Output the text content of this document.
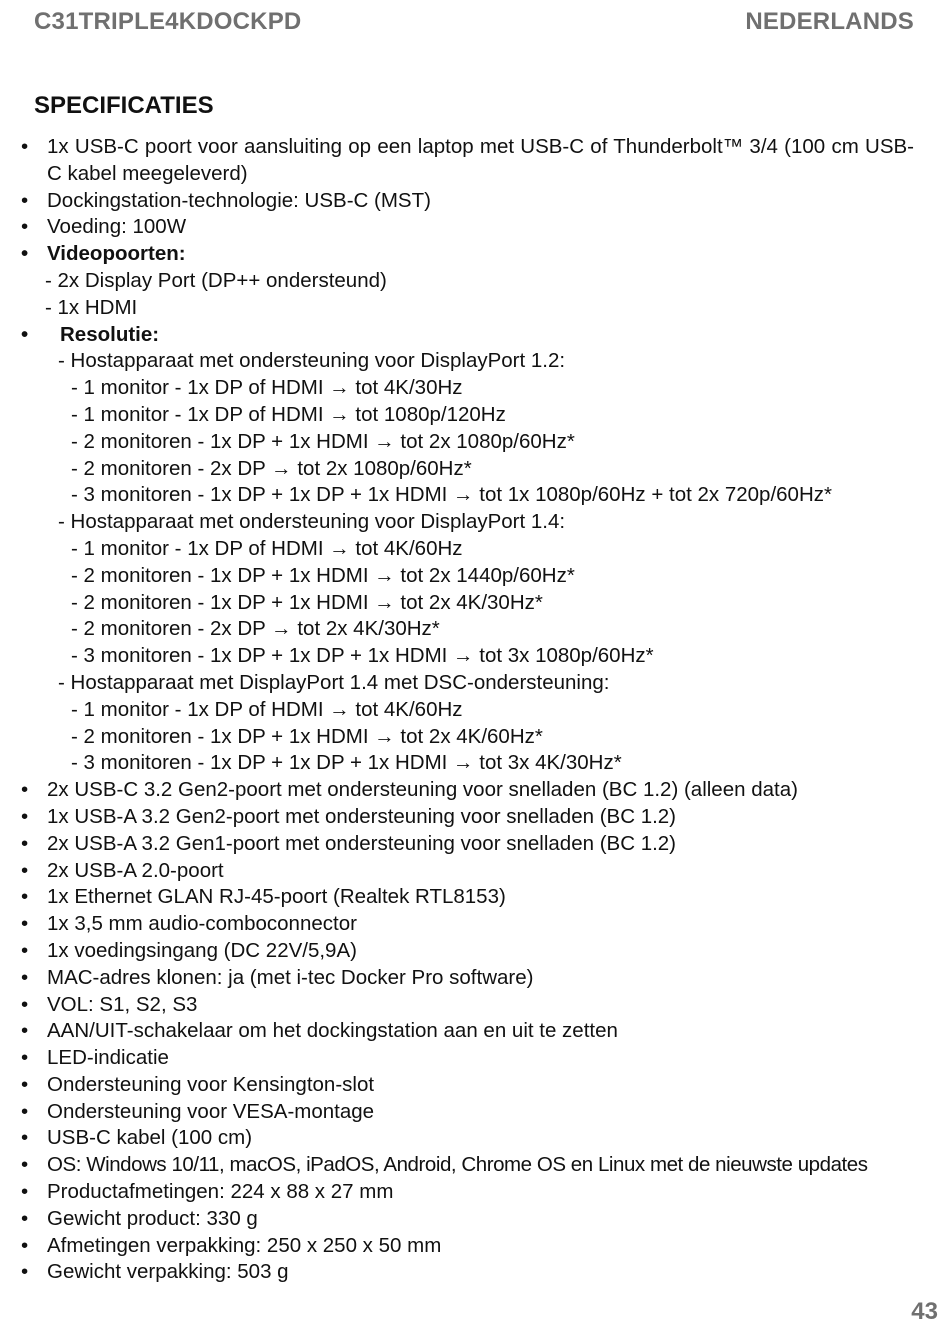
C31TRIPLE4KDOCKPD	NEDERLANDS
SPECIFICATIES
• 1x USB-C poort voor aansluiting op een laptop met USB-C of Thunderbolt™ 3/4 (100 cm USB-C kabel meegeleverd)
• Dockingstation-technologie: USB-C (MST)
• Voeding: 100W
• Videopoorten:
- 2x Display Port (DP++ ondersteund)
- 1x HDMI
• Resolutie:
- Hostapparaat met ondersteuning voor DisplayPort 1.2:
- 1 monitor - 1x DP of HDMI → tot 4K/30Hz
- 1 monitor - 1x DP of HDMI → tot 1080p/120Hz
- 2 monitoren - 1x DP + 1x HDMI → tot 2x 1080p/60Hz*
- 2 monitoren - 2x DP → tot 2x 1080p/60Hz*
- 3 monitoren - 1x DP + 1x DP + 1x HDMI → tot 1x 1080p/60Hz + tot 2x 720p/60Hz*
- Hostapparaat met ondersteuning voor DisplayPort 1.4:
- 1 monitor - 1x DP of HDMI → tot 4K/60Hz
- 2 monitoren - 1x DP + 1x HDMI → tot 2x 1440p/60Hz*
- 2 monitoren - 1x DP + 1x HDMI → tot 2x 4K/30Hz*
- 2 monitoren - 2x DP → tot 2x 4K/30Hz*
- 3 monitoren - 1x DP + 1x DP + 1x HDMI → tot 3x 1080p/60Hz*
- Hostapparaat met DisplayPort 1.4 met DSC-ondersteuning:
- 1 monitor - 1x DP of HDMI → tot 4K/60Hz
- 2 monitoren - 1x DP + 1x HDMI → tot 2x 4K/60Hz*
- 3 monitoren - 1x DP + 1x DP + 1x HDMI → tot 3x 4K/30Hz*
• 2x USB-C 3.2 Gen2-poort met ondersteuning voor snelladen (BC 1.2) (alleen data)
• 1x USB-A 3.2 Gen2-poort met ondersteuning voor snelladen (BC 1.2)
• 2x USB-A 3.2 Gen1-poort met ondersteuning voor snelladen (BC 1.2)
• 2x USB-A 2.0-poort
• 1x Ethernet GLAN RJ-45-poort (Realtek RTL8153)
• 1x 3,5 mm audio-comboconnector
• 1x voedingsingang (DC 22V/5,9A)
• MAC-adres klonen: ja (met i-tec Docker Pro software)
• VOL: S1, S2, S3
• AAN/UIT-schakelaar om het dockingstation aan en uit te zetten
• LED-indicatie
• Ondersteuning voor Kensington-slot
• Ondersteuning voor VESA-montage
• USB-C kabel (100 cm)
• OS: Windows 10/11, macOS, iPadOS, Android, Chrome OS en Linux met de nieuwste updates
• Productafmetingen: 224 x 88 x 27 mm
• Gewicht product: 330 g
• Afmetingen verpakking: 250 x 250 x 50 mm
• Gewicht verpakking: 503 g
43
